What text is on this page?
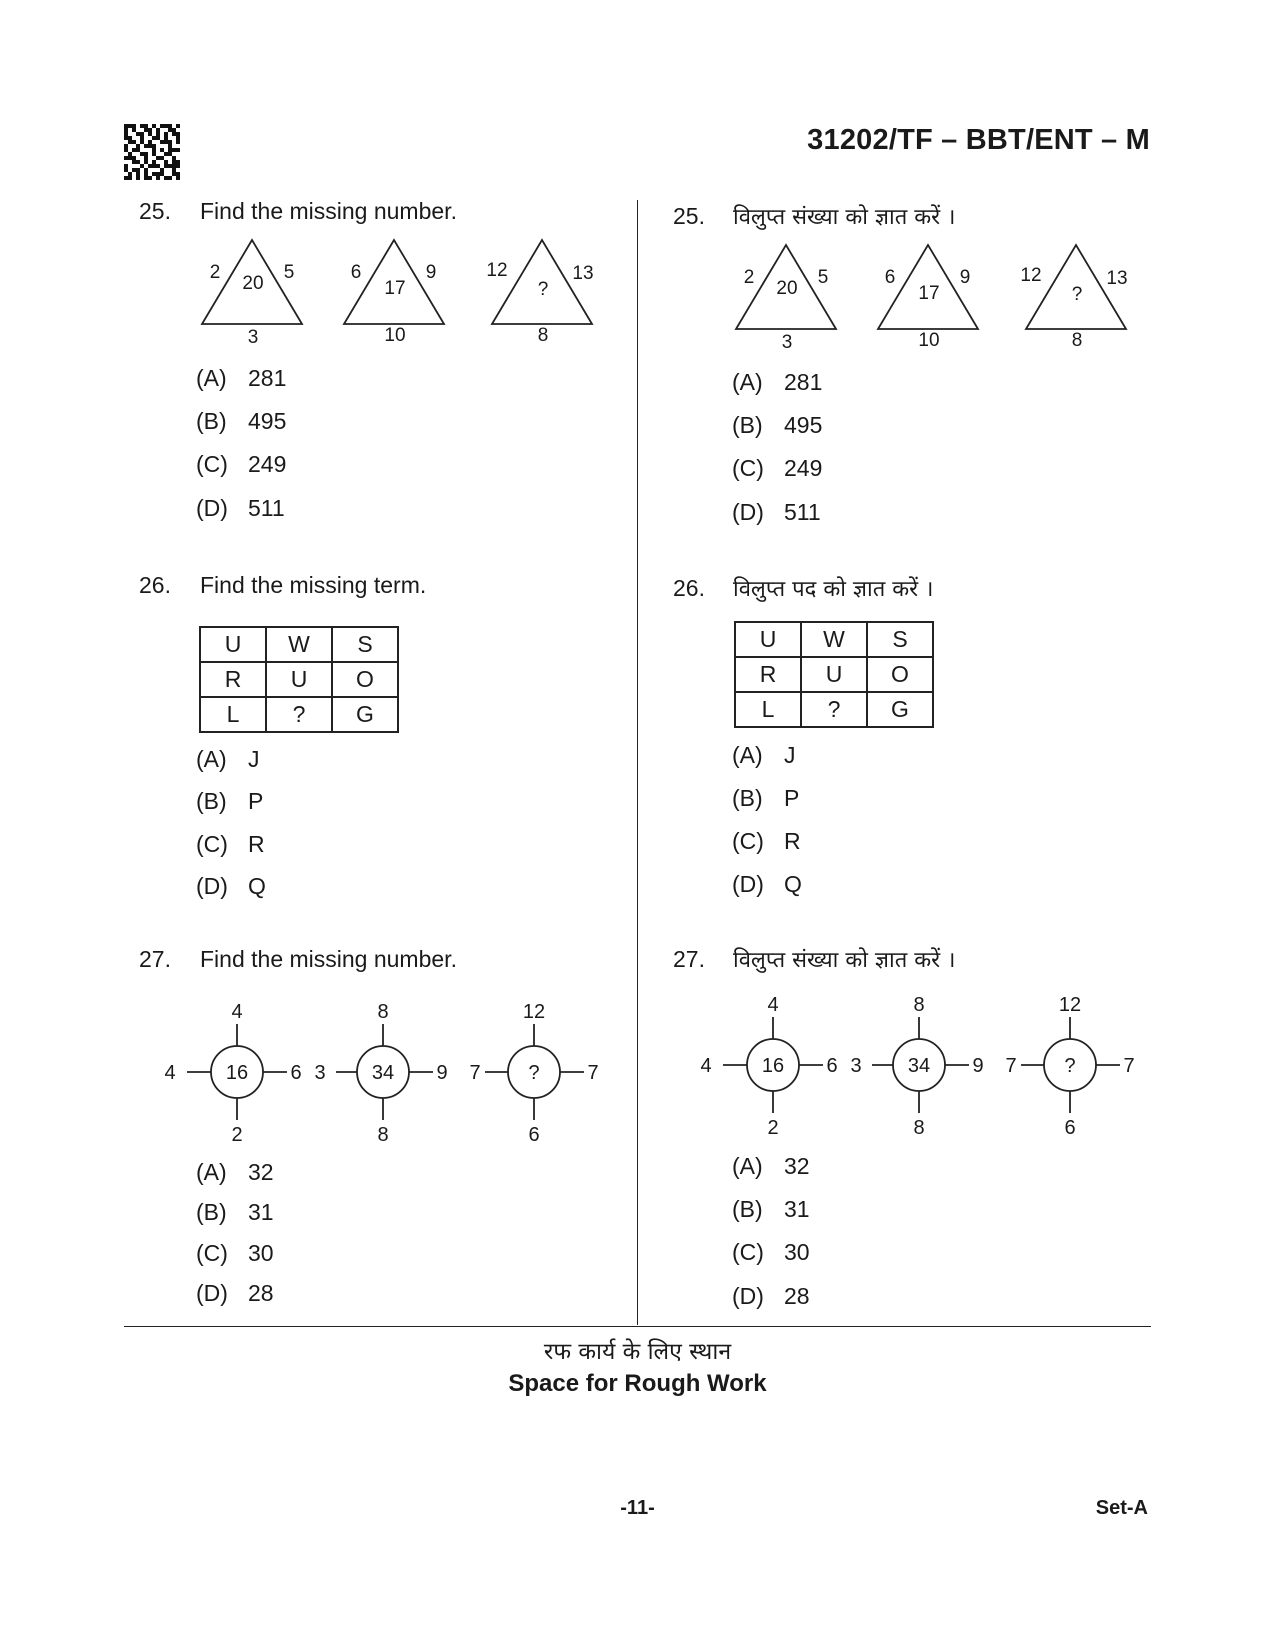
31202/TF – BBT/ENT – M
25. Find the missing number.
2	5
20
3
6	9
17
10
12	13
?
8
(A) 281
(B) 495
(C) 249
(D) 511
26. Find the missing term.
U	W	S
R	U	O
L	?	G
(A) J
(B) P
(C) R
(D) Q
27. Find the missing number.
4
4	6
2
16
8
3	9
8
34
12
7	7
6
?
(A) 32
(B) 31
(C) 30
(D) 28
25. विलुप्त संख्या को ज्ञात करें ।
2	5
20
3
6	9
17
10
12	13
?
8
(A) 281
(B) 495
(C) 249
(D) 511
26. विलुप्त पद को ज्ञात करें ।
U	W	S
R	U	O
L	?	G
(A) J
(B) P
(C) R
(D) Q
27. विलुप्त संख्या को ज्ञात करें ।
4
4	6
2
16
8
3	9
8
34
12
7	7
6
?
(A) 32
(B) 31
(C) 30
(D) 28
रफ कार्य के लिए स्थान
Space for Rough Work
-11-	Set-A
